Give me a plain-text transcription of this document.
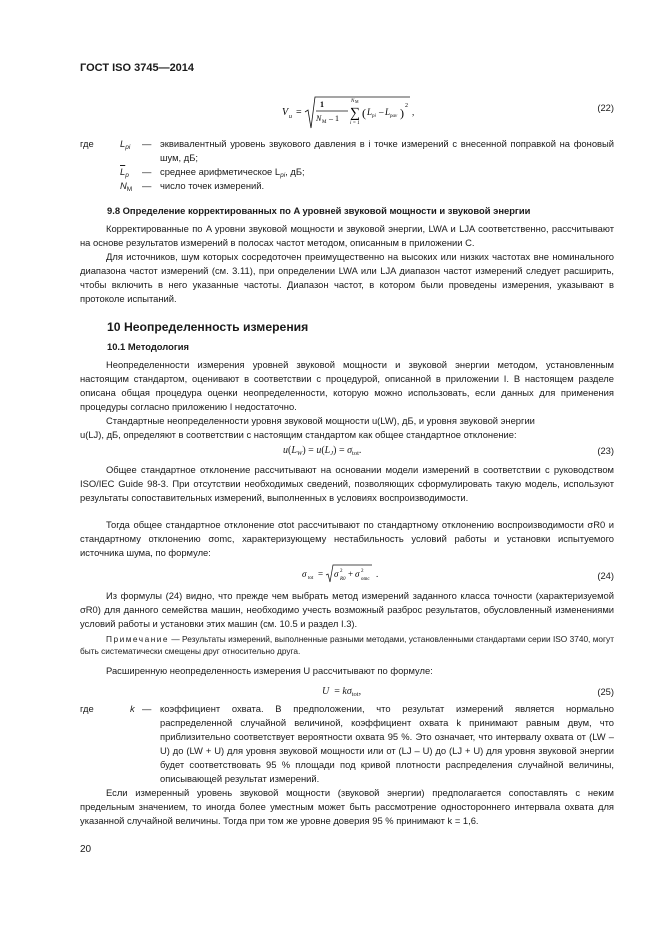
ГОСТ ISO 3745—2014
V u =
1
N M – 1
N M
∑
i = 1
( L pi – L pav ) 2
,	(22)
где	$L_{pi}$ — эквивалентный уровень звукового давления в i точке измерений c внесенной поправкой на фоновый шум, дБ;
$\overline{L}_p$ — среднее арифметическое $L_{pi}$, дБ;
$N_M$ — число точек измерений.
9.8 Определение корректированных по A уровней звуковой мощности и звуковой энергии
Корректированные по A уровни звуковой мощности и звуковой энергии, LWA и LJA соответственно, рассчитывают на основе результатов измерений в полосах частот методом, описанным в приложении C.
Для источников, шум которых сосредоточен преимущественно на высоких или низких частотах вне номинального диапазона частот измерений (см. 3.11), при определении LWA или LJA диапазон частот измерений следует расширить, чтобы включить в него указанные частоты. Диапазон частот, в котором были проведены измерения, указывают в протоколе испытаний.
10 Неопределенность измерения
10.1 Методология
Неопределенности измерения уровней звуковой мощности и звуковой энергии методом, установленным настоящим стандартом, оценивают в соответствии с процедурой, описанной в приложении I. В настоящем разделе описана общая процедура оценки неопределенности, которую можно использовать, если данных для применения процедуры согласно приложению I недостаточно.
Стандартные неопределенности уровня звуковой мощности u(LW), дБ, и уровня звуковой энергии
u(LJ), дБ, определяют в соответствии с настоящим стандартом как общее стандартное отклонение:
$u(L_W) = u(L_J) = \sigma_{tot}$.	(23)
Общее стандартное отклонение рассчитывают на основании модели измерений в соответствии с руководством ISO/IEC Guide 98-3. При отсутствии необходимых сведений, позволяющих сформулировать такую модель, используют результаты сопоставительных измерений, выполненных в условиях воспроизводимости.
Тогда общее стандартное отклонение σtot рассчитывают по стандартному отклонению воспроизводимости σR0 и стандартному отклонению σomc, характеризующему нестабильность условий работы и установки испытуемого источника шума, по формуле:
σ tot = σ 2
R0
+ σ 2
omc
.	(24)
Из формулы (24) видно, что прежде чем выбрать метод измерений заданного класса точности (характеризуемой σR0) для данного семейства машин, необходимо учесть возможный разброс результатов, обусловленный изменениями условий работы и установки этих машин (см. 10.5 и раздел I.3).
Примечание — Результаты измерений, выполненные разными методами, установленными стандартами серии ISO 3740, могут быть систематически смещены друг относительно друга.
Расширенную неопределенность измерения U рассчитывают по формуле:
$U = k\sigma_{tot}$,	(25)
где	k — коэффициент охвата. В предположении, что результат измерений является нормально распределенной случайной величиной, коэффициент охвата k принимают равным двум, что приблизительно соответствует вероятности охвата 95 %. Это означает, что интервалу охвата от (LW – U) до (LW + U) для уровня звуковой мощности или от (LJ – U) до (LJ + U) для уровня звуковой энергии будет соответствовать 95 % площади под кривой плотности распределения случайной величины, описывающей результат измерений.
Если измеренный уровень звуковой мощности (звуковой энергии) предполагается сопоставлять с неким предельным значением, то иногда более уместным может быть рассмотрение одностороннего интервала охвата для указанной случайной величины. Тогда при том же уровне доверия 95 % принимают k = 1,6.
20
